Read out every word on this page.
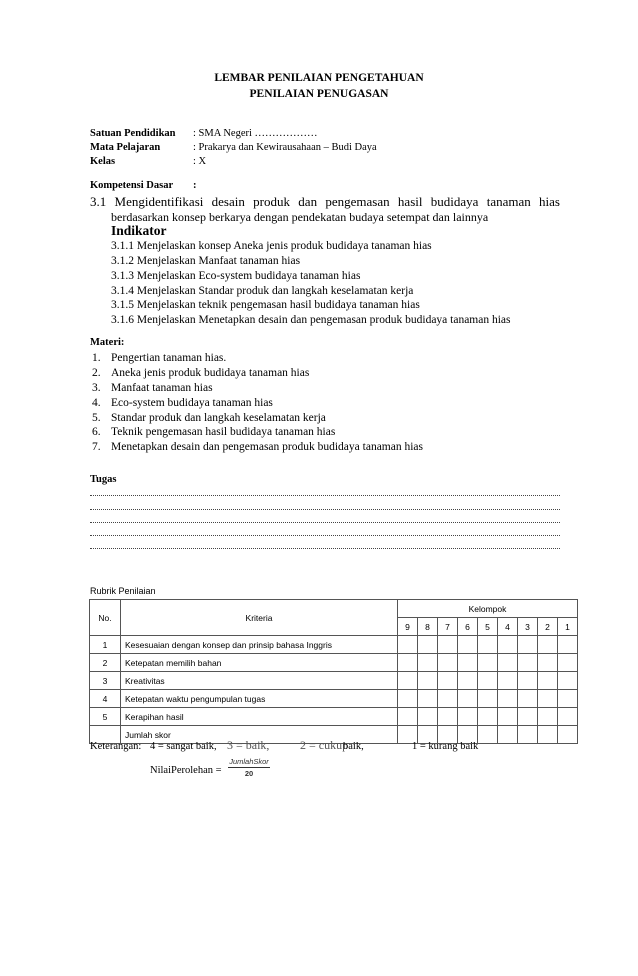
LEMBAR PENILAIAN PENGETAHUAN
PENILAIAN PENUGASAN
Satuan Pendidikan : SMA Negeri ………………
Mata Pelajaran	: Prakarya dan Kewirausahaan – Budi Daya
Kelas	: X
Kompetensi Dasar :
3.1 Mengidentifikasi desain produk dan pengemasan hasil budidaya tanaman hias
berdasarkan konsep berkarya dengan pendekatan budaya setempat dan lainnya
Indikator
3.1.1 Menjelaskan konsep Aneka jenis produk budidaya tanaman hias
3.1.2 Menjelaskan Manfaat tanaman hias
3.1.3 Menjelaskan Eco-system budidaya tanaman hias
3.1.4 Menjelaskan Standar produk dan langkah keselamatan kerja
3.1.5 Menjelaskan teknik pengemasan hasil budidaya tanaman hias
3.1.6 Menjelaskan Menetapkan desain dan pengemasan produk budidaya tanaman hias
Materi:
1. Pengertian tanaman hias.
2. Aneka jenis produk budidaya tanaman hias
3. Manfaat tanaman hias
4. Eco-system budidaya tanaman hias
5. Standar produk dan langkah keselamatan kerja
6. Teknik pengemasan hasil budidaya tanaman hias
7. Menetapkan desain dan pengemasan produk budidaya tanaman hias
Tugas
Rubrik Penilaian
No.	Kriteria	Kelompok								
		9	8	7	6	5	4	3	2	1
1	Kesesuaian dengan konsep dan prinsip bahasa Inggris									
2	Ketepatan memilih bahan									
3	Kreativitas									
4	Ketepatan waktu pengumpulan tugas									
5	Kerapihan hasil									
	Jumlah skor									
Keterangan: 4 = sangat baik, 3 = baik,	2 = cukup
baik,	1 = kurang baik
NilaiPerolehan =
JumlahSkor
20
